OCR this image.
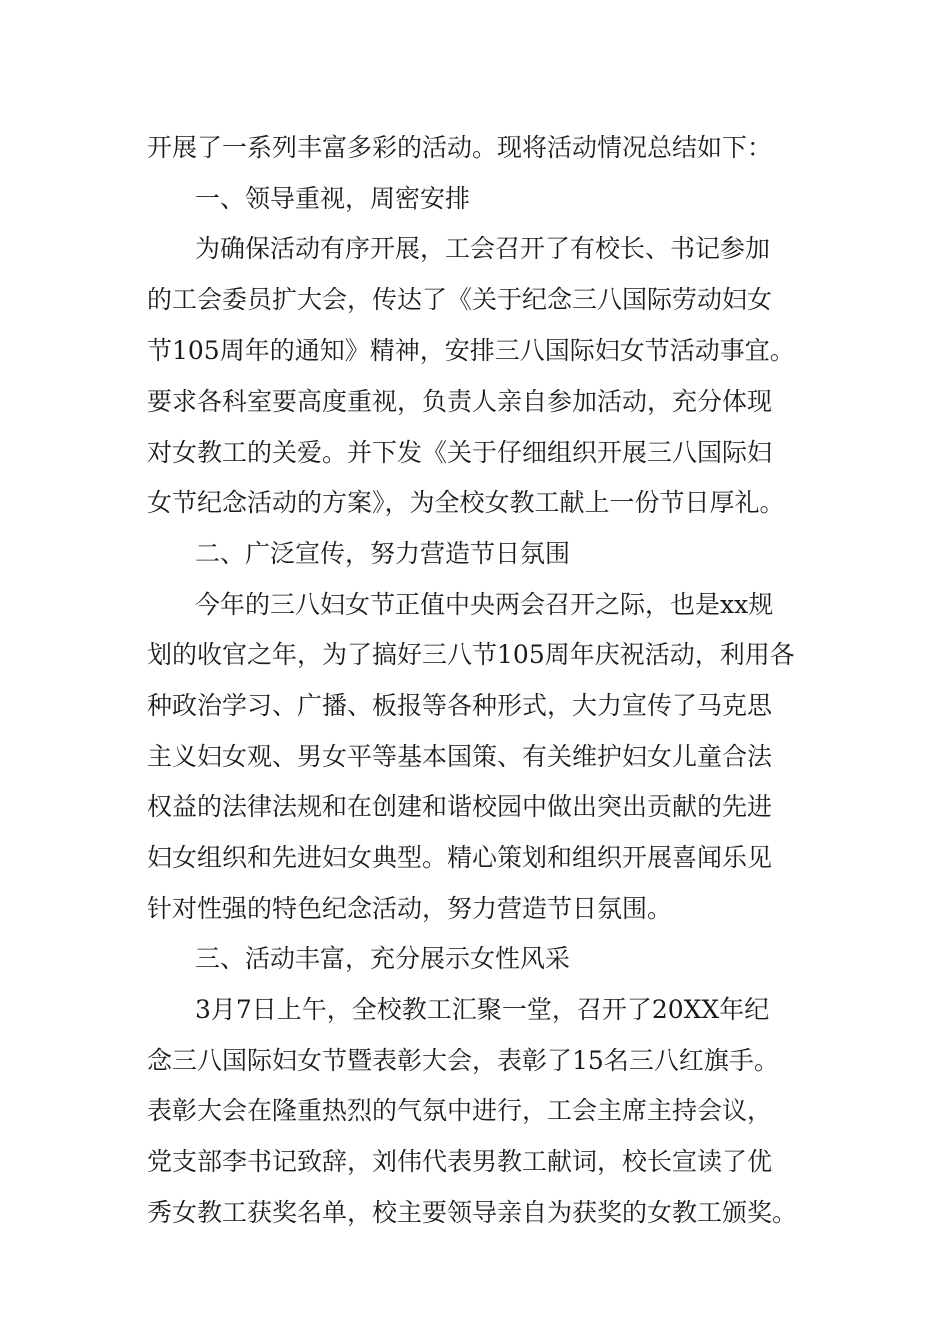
开展了一系列丰富多彩的活动。现将活动情况总结如下：

一、领导重视，周密安排

为确保活动有序开展，工会召开了有校长、书记参加

的工会委员扩大会，传达了《关于纪念三八国际劳动妇女

节105周年的通知》精神，安排三八国际妇女节活动事宜。

要求各科室要高度重视，负责人亲自参加活动，充分体现

对女教工的关爱。并下发《关于仔细组织开展三八国际妇

女节纪念活动的方案》，为全校女教工献上一份节日厚礼。

二、广泛宣传，努力营造节日氛围

今年的三八妇女节正值中央两会召开之际，也是xx规

划的收官之年，为了搞好三八节105周年庆祝活动，利用各

种政治学习、广播、板报等各种形式，大力宣传了马克思

主义妇女观、男女平等基本国策、有关维护妇女儿童合法

权益的法律法规和在创建和谐校园中做出突出贡献的先进

妇女组织和先进妇女典型。精心策划和组织开展喜闻乐见

针对性强的特色纪念活动，努力营造节日氛围。

三、活动丰富，充分展示女性风采

3月7日上午，全校教工汇聚一堂，召开了20XX年纪

念三八国际妇女节暨表彰大会，表彰了15名三八红旗手。

表彰大会在隆重热烈的气氛中进行，工会主席主持会议，

党支部李书记致辞，刘伟代表男教工献词，校长宣读了优

秀女教工获奖名单，校主要领导亲自为获奖的女教工颁奖。
